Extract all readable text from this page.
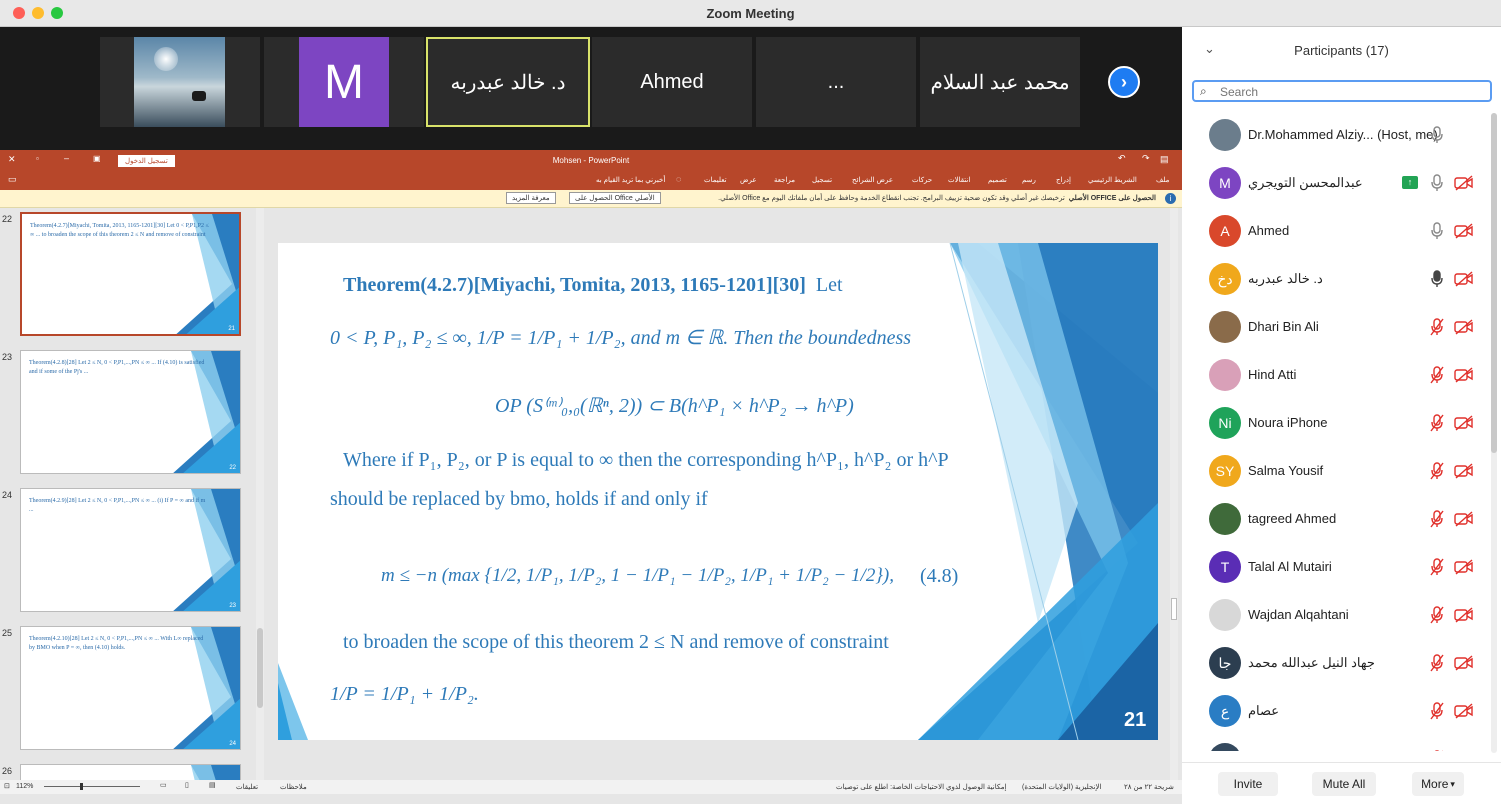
Zoom Meeting
M	د. خالد عبدربه	Ahmed	...	محمد عبد السلام	›
✕	▫	–	▣	تسجيل الدخول	Mohsen - PowerPoint	▤
↷
↶
▭	ملف
الشريط الرئيسي
إدراج
رسم
تصميم
انتقالات
حركات
عرض الشرائح
تسجيل
مراجعة
عرض
تعليمات
أخبرني بما تريد القيام به ◌
i
الحصول على OFFICE الأصلي  ترخيصك غير أصلي وقد تكون ضحية تزييف البرامج. تجنب انقطاع الخدمة وحافظ على أمان ملفاتك اليوم مع Office الأصلي.
الحصول على Office الأصلي
معرفة المزيد
22
Theorem(4.2.7)[Miyachi, Tomita, 2013, 1165-1201][30] Let 0 < P,P1,P2 ≤ ∞ ... to broaden the scope of this theorem 2 ≤ N and remove of constraint
21
23
Theorem(4.2.8)[28] Let 2 ≤ N, 0 < P,P1,...,PN ≤ ∞ ... If (4.10) is satisfied and if some of the Pj's ...
22
24
Theorem(4.2.9)[28] Let 2 ≤ N, 0 < P,P1,...,PN ≤ ∞ ... (i) If P = ∞ and if m ...
23
25
Theorem(4.2.10)[28] Let 2 ≤ N, 0 < P,P1,...,PN ≤ ∞ ... With L∞ replaced by BMO when P = ∞, then (4.10) holds.
24
26
Theorem(4.2.7)[Miyachi, Tomita, 2013, 1165-1201][30] Let
0 < P, P₁, P₂ ≤ ∞, 1/P = 1/P₁ + 1/P₂, and m ∈ ℝ. Then the boundedness
OP (S⁽ᵐ⁾₀,₀(ℝⁿ, 2)) ⊂ B(h^P₁ × h^P₂ → h^P)
Where if P₁, P₂, or P is equal to ∞ then the corresponding h^P₁, h^P₂ or h^P
should be replaced by bmo, holds if and only if
m ≤ −n (max {1/2, 1/P₁, 1/P₂, 1 − 1/P₁ − 1/P₂, 1/P₁ + 1/P₂ − 1/2}), (4.8)
to broaden the scope of this theorem 2 ≤ N and remove of constraint
1/P = 1/P₁ + 1/P₂.
21
⊡ 112%	▭	▯	▤	تعليقات	ملاحظات	إمكانية الوصول لذوي الاحتياجات الخاصة: اطلع على توصيات الإنجليزية (الولايات المتحدة)	شريحة ٢٢ من ٢٨
⌄	Participants (17)
⌕
Search
Dr.Mohammed Alziy... (Host, me)
M	عبدالمحسن التويجري	↑
A	Ahmed
دخ	د. خالد عبدربه
Dhari Bin Ali
Hind Atti
Ni	Noura iPhone
SY	Salma Yousif
tagreed Ahmed
T	Talal Al Mutairi
Wajdan Alqahtani
جا	جهاد النيل عبدالله محمد
ع	عصام
Invite	Mute All	More ▾
